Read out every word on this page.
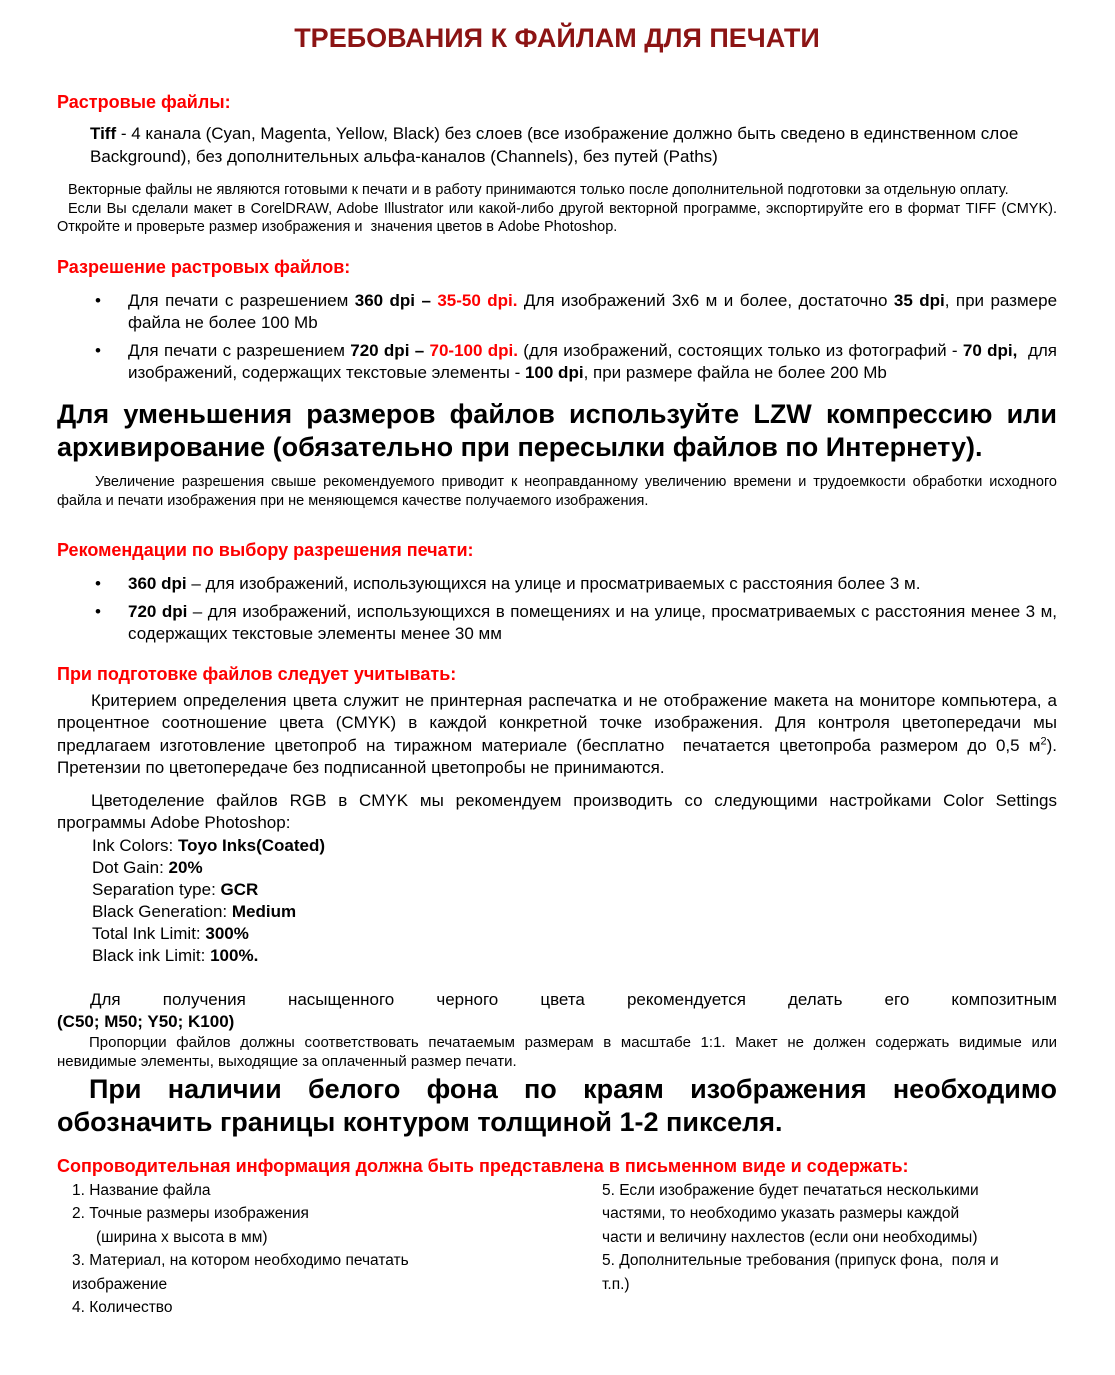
ТРЕБОВАНИЯ К ФАЙЛАМ ДЛЯ ПЕЧАТИ
Растровые файлы:
Tiff - 4 канала (Cyan, Magenta, Yellow, Black) без слоев (все изображение должно быть сведено в единственном слое Background), без дополнительных альфа-каналов (Channels), без путей (Paths)
Векторные файлы не являются готовыми к печати и в работу принимаются только после дополнительной подготовки за отдельную оплату.
Если Вы сделали макет в CorelDRAW, Adobe Illustrator или какой-либо другой векторной программе, экспортируйте его в формат TIFF (CMYK). Откройте и проверьте размер изображения и  значения цветов в Adobe Photoshop.
Разрешение растровых файлов:
• Для печати с разрешением 360 dpi – 35-50 dpi. Для изображений 3х6 м и более, достаточно 35 dpi, при размере файла не более 100 Mb
• Для печати с разрешением 720 dpi – 70-100 dpi. (для изображений, состоящих только из фотографий - 70 dpi,  для изображений, содержащих текстовые элементы - 100 dpi, при размере файла не более 200 Mb
Для уменьшения размеров файлов используйте LZW компрессию или
архивирование (обязательно при пересылки файлов по Интернету).
Увеличение разрешения свыше рекомендуемого приводит к неоправданному увеличению времени и трудоемкости обработки исходного файла и печати изображения при не меняющемся качестве получаемого изображения.
Рекомендации по выбору разрешения печати:
• 360 dpi – для изображений, использующихся на улице и просматриваемых с расстояния более 3 м.
• 720 dpi – для изображений, использующихся в помещениях и на улице, просматриваемых с расстояния менее 3 м, содержащих текстовые элементы менее 30 мм
При подготовке файлов следует учитывать:
Критерием определения цвета служит не принтерная распечатка и не отображение макета на мониторе компьютера, а процентное соотношение цвета (CMYK) в каждой конкретной точке изображения. Для контроля цветопередачи мы предлагаем изготовление цветопроб на тиражном материале (бесплатно  печатается цветопроба размером до 0,5 $м^2$). Претензии по цветопередаче без подписанной цветопробы не принимаются.
Цветоделение файлов RGB в CMYK мы рекомендуем производить со следующими настройками Color Settings программы Adobe Photoshop:
Ink Colors: Toyo Inks(Coated)
Dot Gain: 20%
Separation type: GCR
Black Generation: Medium
Total Ink Limit: 300%
Black ink Limit: 100%.
Для получения насыщенного черного цвета рекомендуется делать его композитным
(C50; M50; Y50; K100)
Пропорции файлов должны соответствовать печатаемым размерам в масштабе 1:1. Макет не должен содержать видимые или невидимые элементы, выходящие за оплаченный размер печати.
При наличии белого фона по краям изображения необходимо
обозначить границы контуром толщиной 1-2 пикселя.
Сопроводительная информация должна быть представлена в письменном виде и содержать:
1. Название файла
2. Точные размеры изображения
(ширина х высота в мм)
3. Материал, на котором необходимо печатать
изображение
4. Количество
5. Если изображение будет печататься несколькими
частями, то необходимо указать размеры каждой
части и величину нахлестов (если они необходимы)
5. Дополнительные требования (припуск фона,  поля и
т.п.)
